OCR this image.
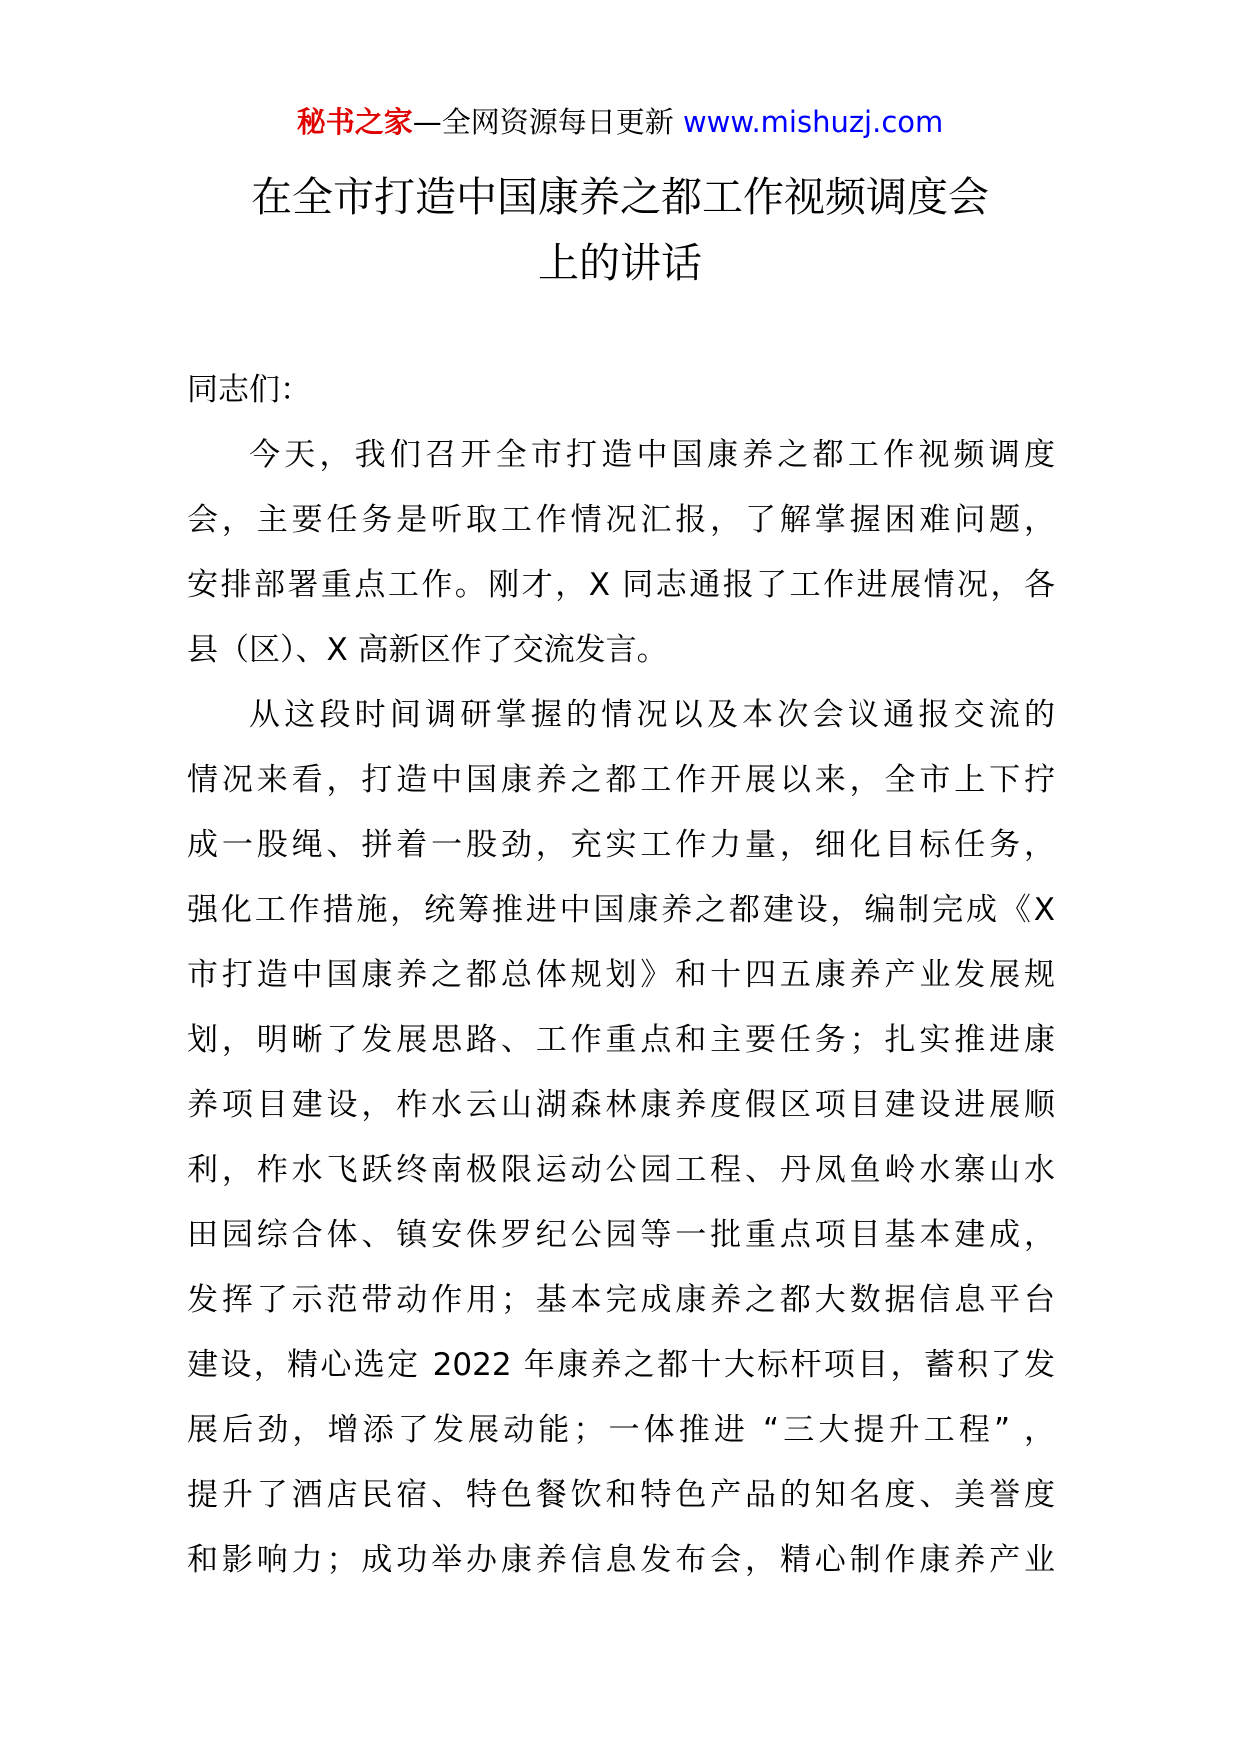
秘书之家—全网资源每日更新 www.mishuzj.com
在全市打造中国康养之都工作视频调度会
上的讲话

同志们：

今天，我们召开全市打造中国康养之都工作视频调度
会，主要任务是听取工作情况汇报，了解掌握困难问题，
安排部署重点工作。刚才，X 同志通报了工作进展情况，各
县（区）、X 高新区作了交流发言。
从这段时间调研掌握的情况以及本次会议通报交流的
情况来看，打造中国康养之都工作开展以来，全市上下拧
成一股绳、拼着一股劲，充实工作力量，细化目标任务，
强化工作措施，统筹推进中国康养之都建设，编制完成《X
市打造中国康养之都总体规划》和十四五康养产业发展规
划，明晰了发展思路、工作重点和主要任务；扎实推进康
养项目建设，柞水云山湖森林康养度假区项目建设进展顺
利，柞水飞跃终南极限运动公园工程、丹凤鱼岭水寨山水
田园综合体、镇安侏罗纪公园等一批重点项目基本建成，
发挥了示范带动作用；基本完成康养之都大数据信息平台
建设，精心选定 2022 年康养之都十大标杆项目，蓄积了发
展后劲，增添了发展动能；一体推进 “三大提升工程” ，
提升了酒店民宿、特色餐饮和特色产品的知名度、美誉度
和影响力；成功举办康养信息发布会，精心制作康养产业
